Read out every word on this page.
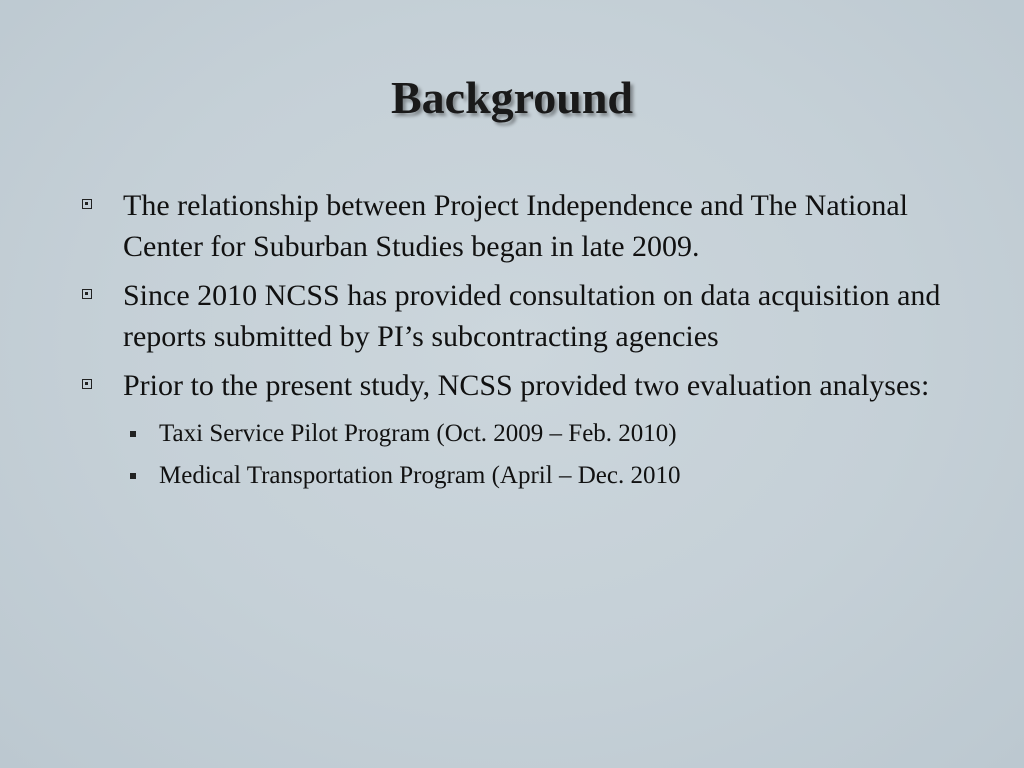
Background
The relationship between Project Independence and The National Center for Suburban Studies began in late 2009.
Since 2010 NCSS has provided consultation on data acquisition and reports submitted by PI’s subcontracting agencies
Prior to the present study, NCSS provided two evaluation analyses:
Taxi Service Pilot Program (Oct. 2009 – Feb. 2010)
Medical Transportation Program (April – Dec. 2010
